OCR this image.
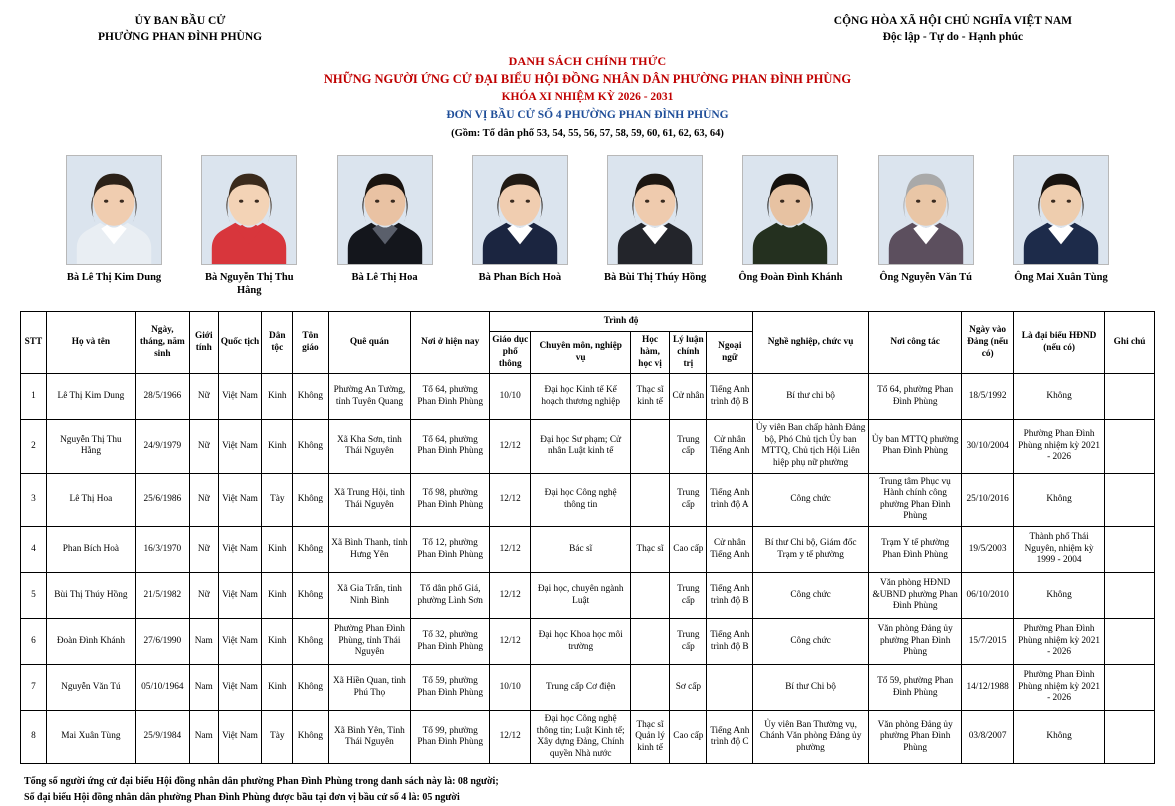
ỦY BAN BẦU CỬ
PHƯỜNG PHAN ĐÌNH PHÙNG
CỘNG HÒA XÃ HỘI CHỦ NGHĨA VIỆT NAM
Độc lập - Tự do - Hạnh phúc
DANH SÁCH CHÍNH THỨC
NHỮNG NGƯỜI ỨNG CỬ ĐẠI BIỂU HỘI ĐỒNG NHÂN DÂN PHƯỜNG PHAN ĐÌNH PHÙNG
KHÓA XI NHIỆM KỲ 2026 - 2031
ĐƠN VỊ BẦU CỬ SỐ 4 PHƯỜNG PHAN ĐÌNH PHÙNG
(Gồm: Tổ dân phố 53, 54, 55, 56, 57, 58, 59, 60, 61, 62, 63, 64)
Bà Lê Thị Kim Dung	Bà Nguyễn Thị Thu Hằng
Bà Lê Thị Hoa	Bà Phan Bích Hoà	Bà Bùi Thị Thúy Hồng	Ông Đoàn Đình Khánh	Ông Nguyễn Văn Tú	Ông Mai Xuân Tùng
STT	Họ và tên	Ngày, tháng, năm sinh	Giới tính	Quốc tịch	Dân tộc	Tôn giáo	Quê quán	Nơi ở hiện nay	Trình độ					Nghề nghiệp, chức vụ	Nơi công tác	Ngày vào Đảng (nếu có)	Là đại biểu HĐND (nếu có)	Ghi chú
									Giáo dục phổ thông	Chuyên môn, nghiệp vụ	Học hàm, học vị	Lý luận chính trị	Ngoại ngữ					
1	Lê Thị Kim Dung	28/5/1966	Nữ	Việt Nam	Kinh	Không	Phường An Tường, tỉnh Tuyên Quang	Tổ 64, phường Phan Đình Phùng	10/10	Đại học Kinh tế Kế hoạch thương nghiệp	Thạc sĩ kinh tế	Cử nhân	Tiếng Anh trình độ B	Bí thư chi bộ	Tổ 64, phường Phan Đình Phùng	18/5/1992	Không	
2	Nguyễn Thị Thu Hằng	24/9/1979	Nữ	Việt Nam	Kinh	Không	Xã Kha Sơn, tỉnh Thái Nguyên	Tổ 64, phường Phan Đình Phùng	12/12	Đại học Sư phạm; Cử nhân Luật kinh tế		Trung cấp	Cử nhân Tiếng Anh	Ủy viên Ban chấp hành Đảng bộ, Phó Chủ tịch Ủy ban MTTQ, Chủ tịch Hội Liên hiệp phụ nữ phường	Ủy ban MTTQ phường Phan Đình Phùng	30/10/2004	Phường Phan Đình Phùng nhiệm kỳ 2021 - 2026	
3	Lê Thị Hoa	25/6/1986	Nữ	Việt Nam	Tày	Không	Xã Trung Hội, tỉnh Thái Nguyên	Tổ 98, phường Phan Đình Phùng	12/12	Đại học Công nghệ thông tin		Trung cấp	Tiếng Anh trình độ A	Công chức	Trung tâm Phục vụ Hành chính công phường Phan Đình Phùng	25/10/2016	Không	
4	Phan Bích Hoà	16/3/1970	Nữ	Việt Nam	Kinh	Không	Xã Bình Thanh, tỉnh Hưng Yên	Tổ 12, phường Phan Đình Phùng	12/12	Bác sĩ	Thạc sĩ	Cao cấp	Cử nhân Tiếng Anh	Bí thư Chi bộ, Giám đốc Trạm y tế phường	Trạm Y tế phường Phan Đình Phùng	19/5/2003	Thành phố Thái Nguyên, nhiệm kỳ 1999 - 2004	
5	Bùi Thị Thúy Hồng	21/5/1982	Nữ	Việt Nam	Kinh	Không	Xã Gia Trấn, tỉnh Ninh Bình	Tổ dân phố Giá, phường Lình Sơn	12/12	Đại học, chuyên ngành Luật		Trung cấp	Tiếng Anh trình độ B	Công chức	Văn phòng HĐND &UBND phường Phan Đình Phùng	06/10/2010	Không	
6	Đoàn Đình Khánh	27/6/1990	Nam	Việt Nam	Kinh	Không	Phường Phan Đình Phùng, tỉnh Thái Nguyên	Tổ 32, phường Phan Đình Phùng	12/12	Đại học Khoa học môi trường		Trung cấp	Tiếng Anh trình độ B	Công chức	Văn phòng Đảng ủy phường Phan Đình Phùng	15/7/2015	Phường Phan Đình Phùng nhiệm kỳ 2021 - 2026	
7	Nguyễn Văn Tú	05/10/1964	Nam	Việt Nam	Kinh	Không	Xã Hiền Quan, tỉnh Phú Thọ	Tổ 59, phường Phan Đình Phùng	10/10	Trung cấp Cơ điện		Sơ cấp		Bí thư Chi bộ	Tổ 59, phường Phan Đình Phùng	14/12/1988	Phường Phan Đình Phùng nhiệm kỳ 2021 - 2026	
8	Mai Xuân Tùng	25/9/1984	Nam	Việt Nam	Tày	Không	Xã Bình Yên, Tỉnh Thái Nguyên	Tổ 99, phường Phan Đình Phùng	12/12	Đại học Công nghệ thông tin; Luật Kinh tế; Xây dựng Đảng, Chính quyền Nhà nước	Thạc sĩ Quản lý kinh tế	Cao cấp	Tiếng Anh trình độ C	Ủy viên Ban Thường vụ, Chánh Văn phòng Đảng ủy phường	Văn phòng Đảng ủy phường Phan Đình Phùng	03/8/2007	Không	
Tổng số người ứng cử đại biểu Hội đồng nhân dân phường Phan Đình Phùng trong danh sách này là: 08 người;
Số đại biểu Hội đồng nhân dân phường Phan Đình Phùng được bầu tại đơn vị bầu cử số 4 là: 05 người
